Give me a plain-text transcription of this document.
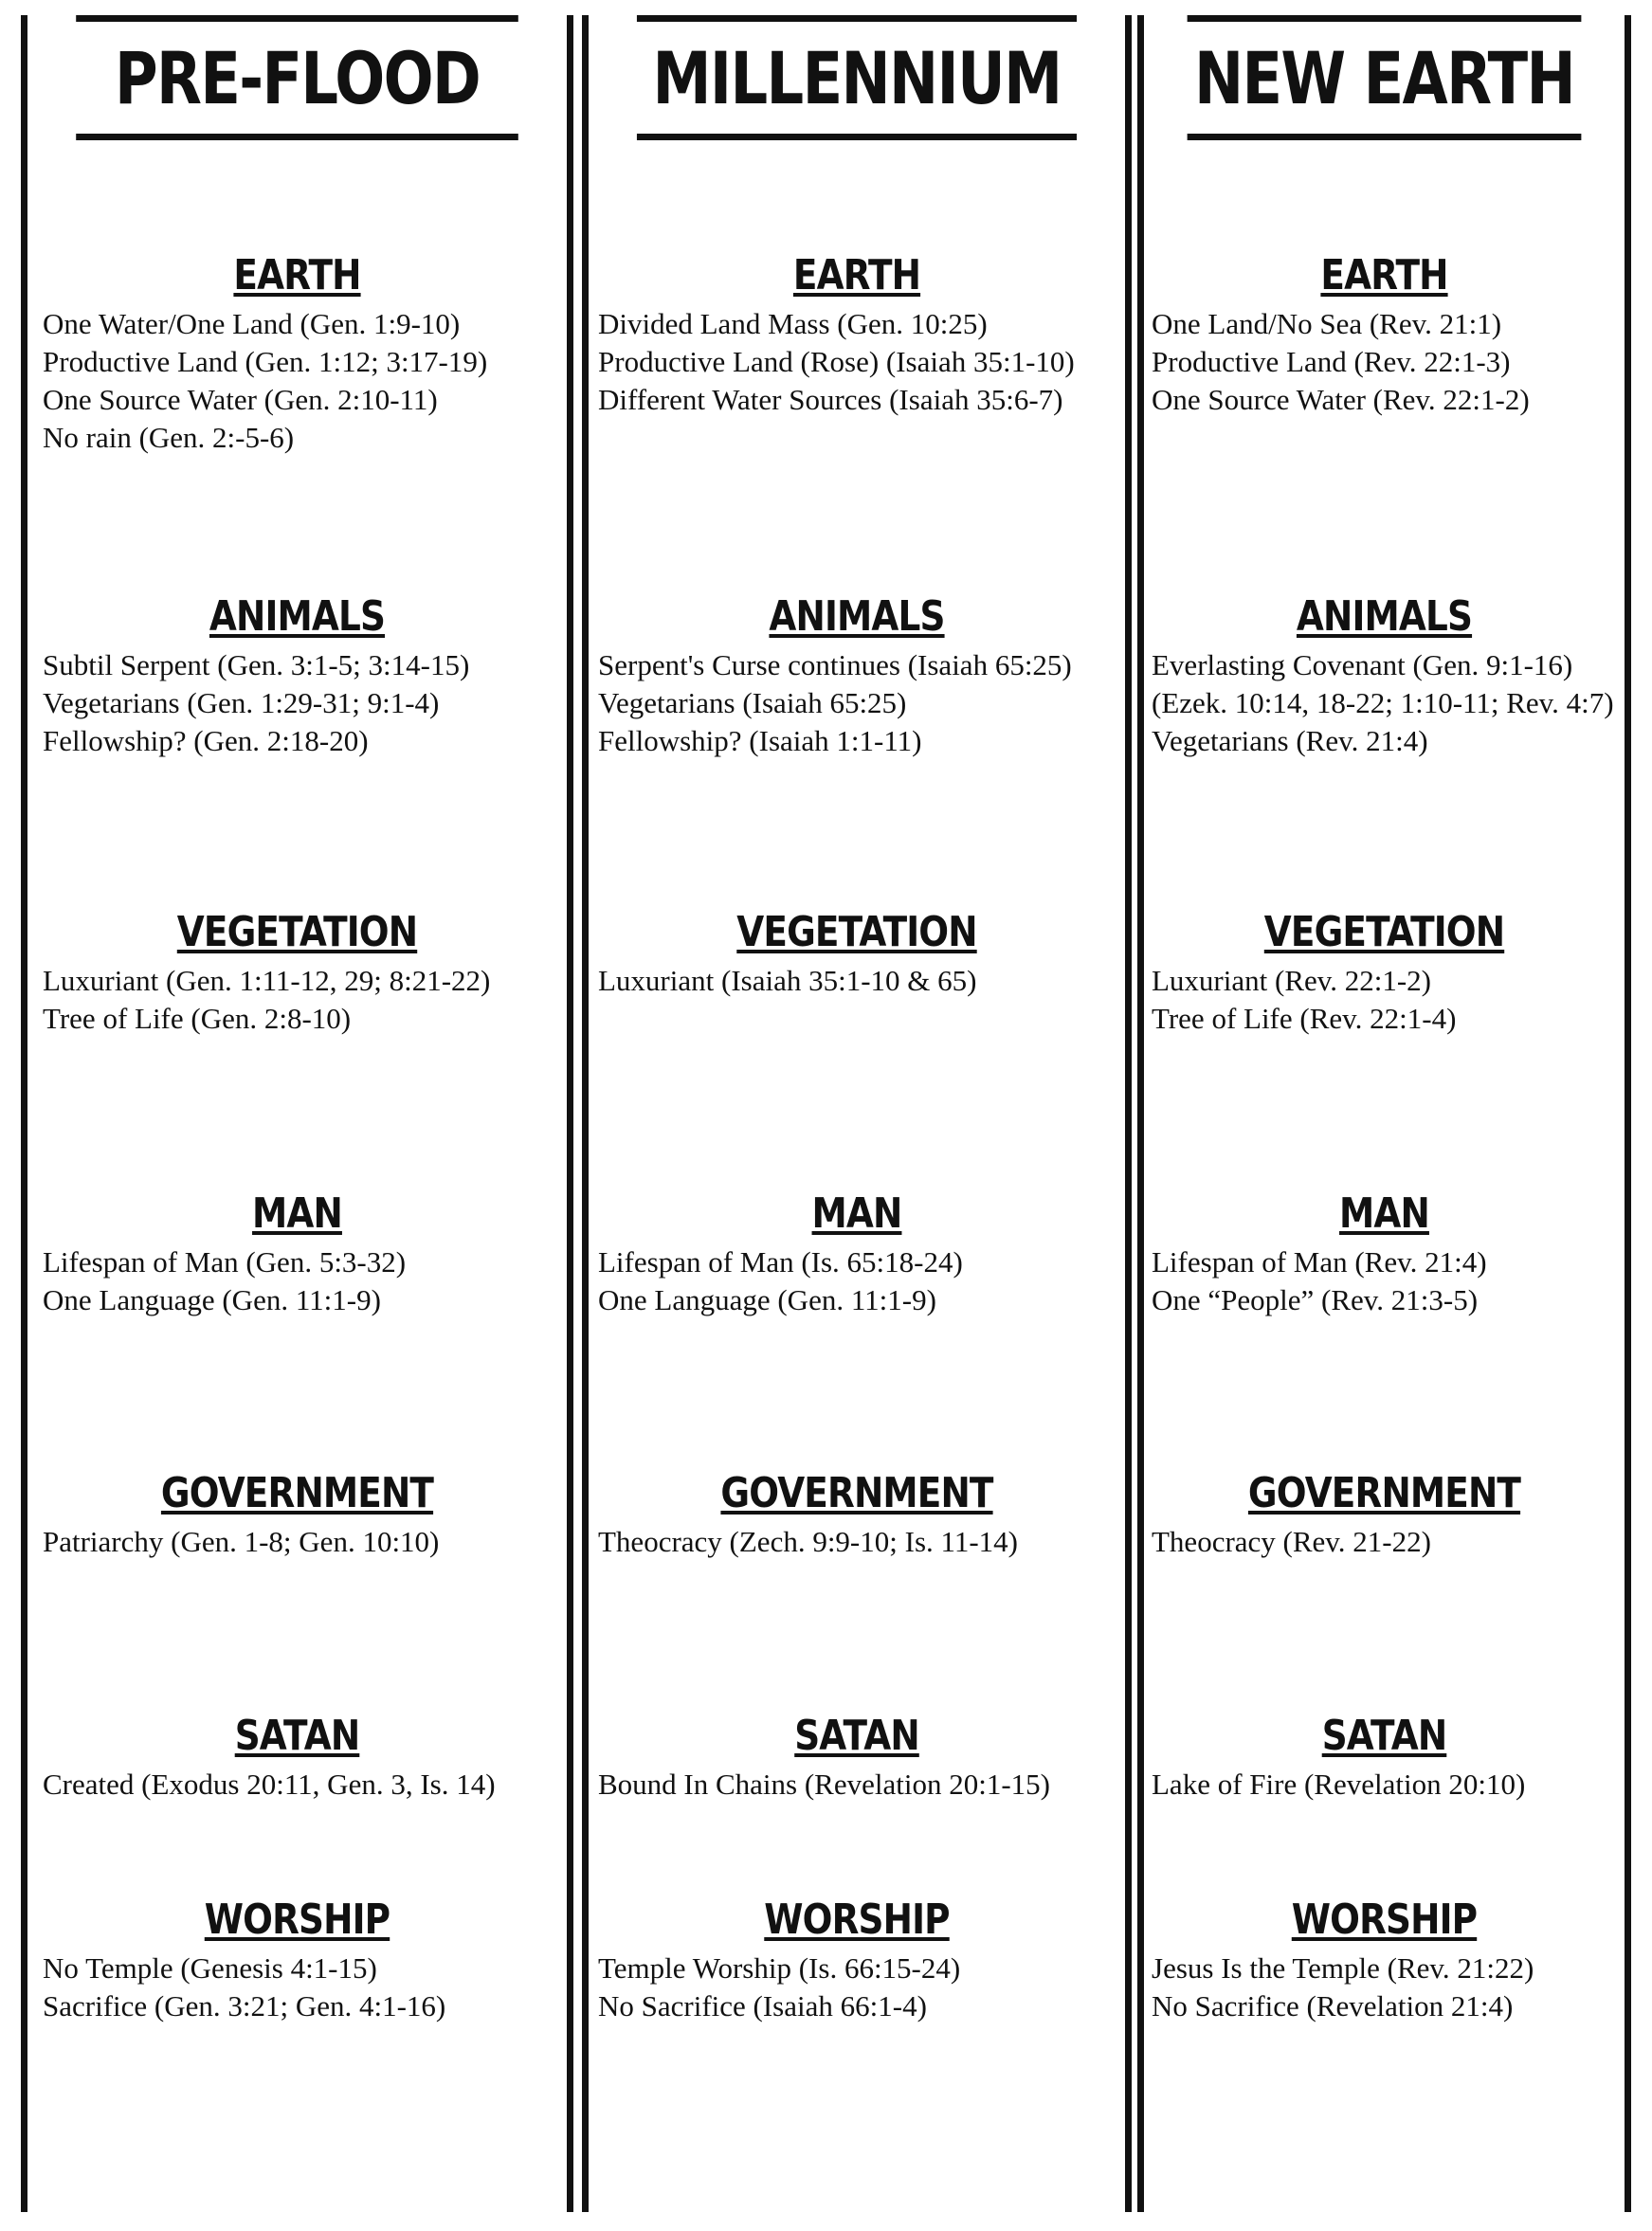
PRE-FLOOD
EARTH
One Water/One Land (Gen. 1:9-10)
Productive Land (Gen. 1:12; 3:17-19)
One Source Water (Gen. 2:10-11)
No rain (Gen. 2:-5-6)
ANIMALS
Subtil Serpent (Gen. 3:1-5; 3:14-15)
Vegetarians (Gen. 1:29-31; 9:1-4)
Fellowship? (Gen. 2:18-20)
VEGETATION
Luxuriant (Gen. 1:11-12, 29; 8:21-22)
Tree of Life (Gen. 2:8-10)
MAN
Lifespan of Man (Gen. 5:3-32)
One Language (Gen. 11:1-9)
GOVERNMENT
Patriarchy (Gen. 1-8; Gen. 10:10)
SATAN
Created (Exodus 20:11, Gen. 3, Is. 14)
WORSHIP
No Temple (Genesis 4:1-15)
Sacrifice (Gen. 3:21; Gen. 4:1-16)
MILLENNIUM
EARTH
Divided Land Mass (Gen. 10:25)
Productive Land (Rose) (Isaiah 35:1-10)
Different Water Sources (Isaiah 35:6-7)
ANIMALS
Serpent's Curse continues (Isaiah 65:25)
Vegetarians (Isaiah 65:25)
Fellowship? (Isaiah 1:1-11)
VEGETATION
Luxuriant (Isaiah 35:1-10 & 65)
MAN
Lifespan of Man (Is. 65:18-24)
One Language (Gen. 11:1-9)
GOVERNMENT
Theocracy (Zech. 9:9-10; Is. 11-14)
SATAN
Bound In Chains (Revelation 20:1-15)
WORSHIP
Temple Worship (Is. 66:15-24)
No Sacrifice (Isaiah 66:1-4)
NEW EARTH
EARTH
One Land/No Sea (Rev. 21:1)
Productive Land (Rev. 22:1-3)
One Source Water (Rev. 22:1-2)
ANIMALS
Everlasting Covenant (Gen. 9:1-16)
(Ezek. 10:14, 18-22; 1:10-11; Rev. 4:7)
Vegetarians (Rev. 21:4)
VEGETATION
Luxuriant (Rev. 22:1-2)
Tree of Life (Rev. 22:1-4)
MAN
Lifespan of Man (Rev. 21:4)
One “People” (Rev. 21:3-5)
GOVERNMENT
Theocracy (Rev. 21-22)
SATAN
Lake of Fire (Revelation 20:10)
WORSHIP
Jesus Is the Temple (Rev. 21:22)
No Sacrifice (Revelation 21:4)
